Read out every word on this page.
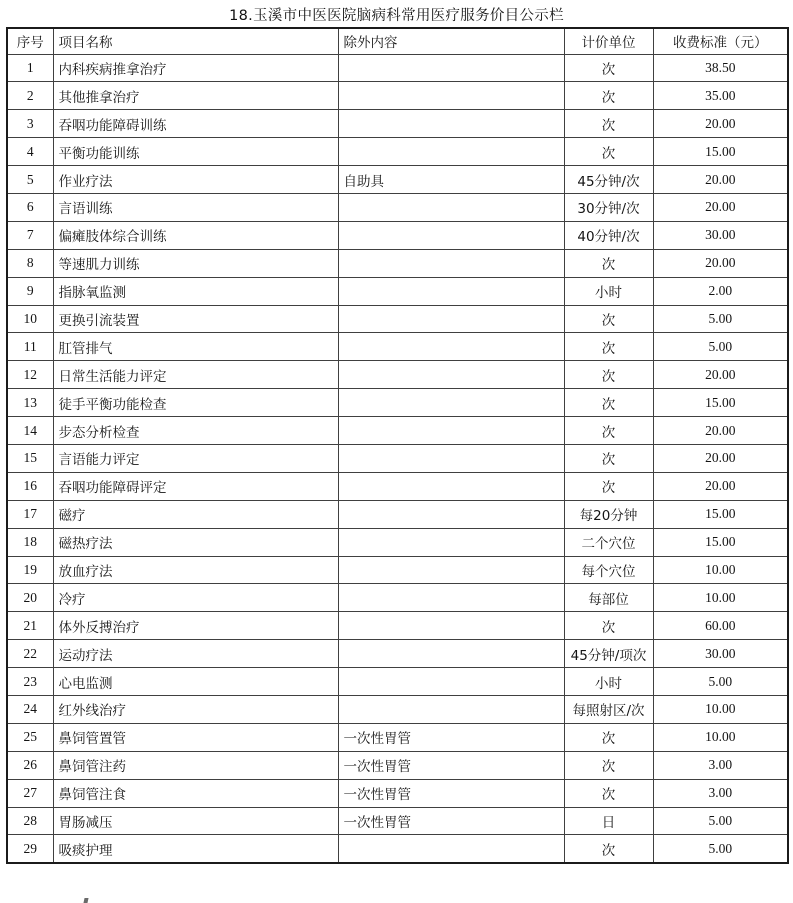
18.玉溪市中医医院脑病科常用医疗服务价目公示栏
序号	项目名称	除外内容	计价单位	收费标准（元）
1	内科疾病推拿治疗		次	38.50
2	其他推拿治疗		次	35.00
3	吞咽功能障碍训练		次	20.00
4	平衡功能训练		次	15.00
5	作业疗法	自助具	45分钟/次	20.00
6	言语训练		30分钟/次	20.00
7	偏瘫肢体综合训练		40分钟/次	30.00
8	等速肌力训练		次	20.00
9	指脉氧监测		小时	2.00
10	更换引流装置		次	5.00
11	肛管排气		次	5.00
12	日常生活能力评定		次	20.00
13	徒手平衡功能检查		次	15.00
14	步态分析检查		次	20.00
15	言语能力评定		次	20.00
16	吞咽功能障碍评定		次	20.00
17	磁疗		每20分钟	15.00
18	磁热疗法		二个穴位	15.00
19	放血疗法		每个穴位	10.00
20	冷疗		每部位	10.00
21	体外反搏治疗		次	60.00
22	运动疗法		45分钟/项次	30.00
23	心电监测		小时	5.00
24	红外线治疗		每照射区/次	10.00
25	鼻饲管置管	一次性胃管	次	10.00
26	鼻饲管注药	一次性胃管	次	3.00
27	鼻饲管注食	一次性胃管	次	3.00
28	胃肠减压	一次性胃管	日	5.00
29	吸痰护理		次	5.00
